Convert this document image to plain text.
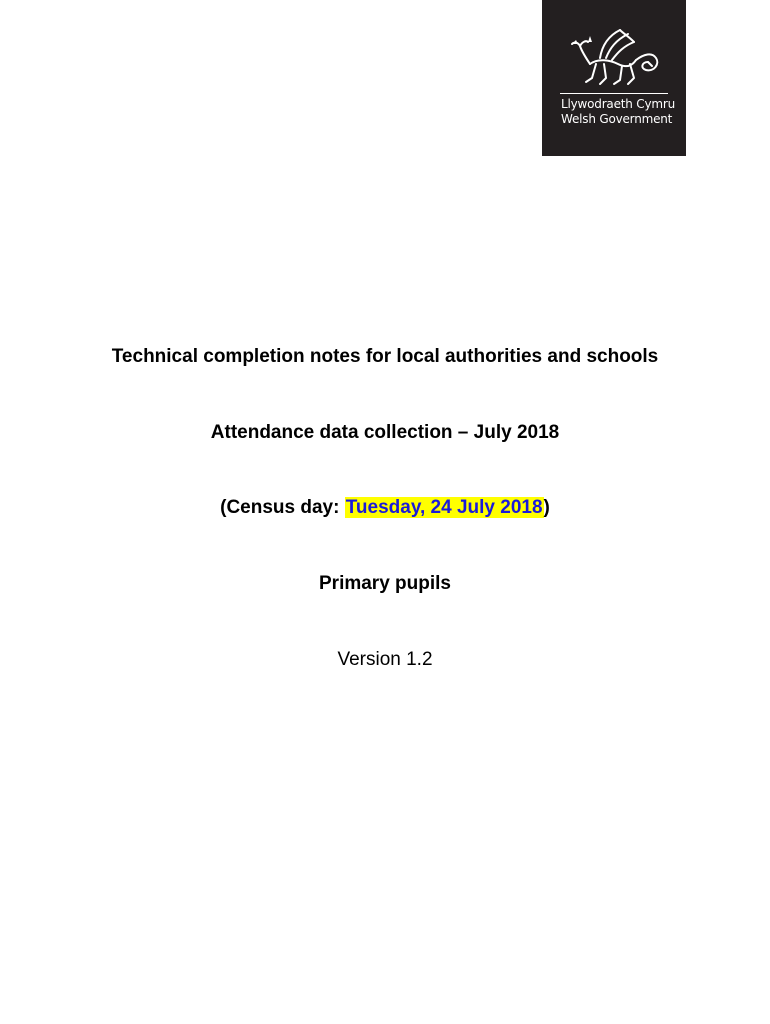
Llywodraeth Cymru
Welsh Government
Technical completion notes for local authorities and schools
Attendance data collection – July 2018
(Census day: Tuesday, 24 July 2018)
Primary pupils
Version 1.2
